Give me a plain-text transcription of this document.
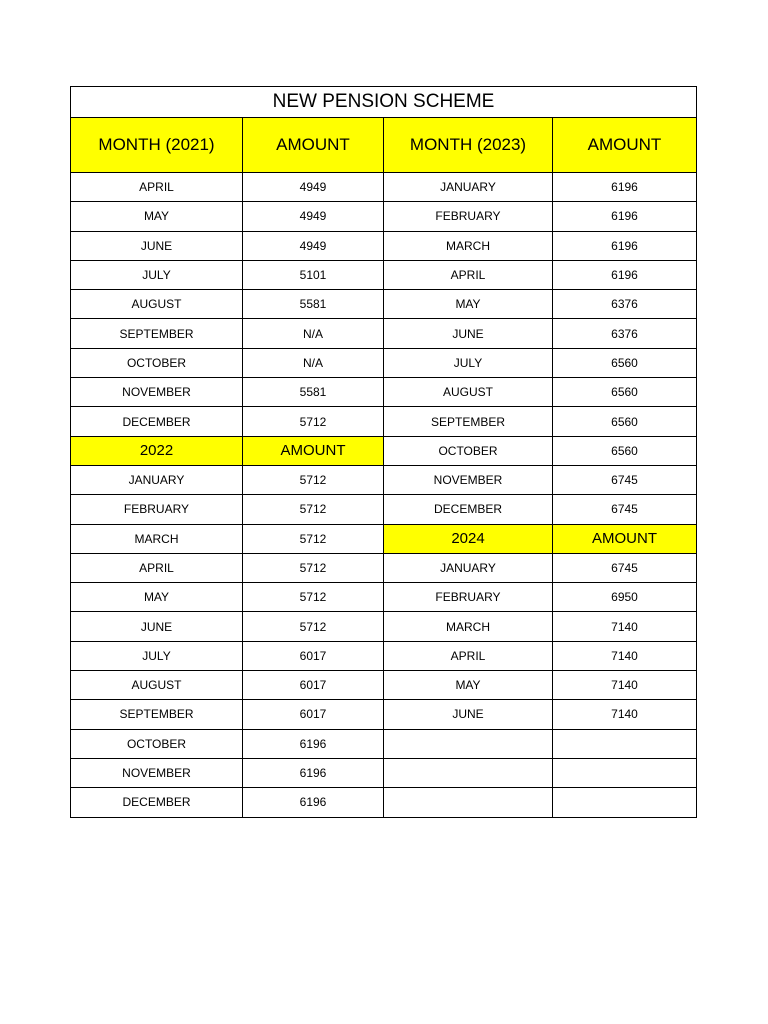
NEW PENSION SCHEME			
MONTH (2021)	AMOUNT	MONTH (2023)	AMOUNT
APRIL	4949	JANUARY	6196
MAY	4949	FEBRUARY	6196
JUNE	4949	MARCH	6196
JULY	5101	APRIL	6196
AUGUST	5581	MAY	6376
SEPTEMBER	N/A	JUNE	6376
OCTOBER	N/A	JULY	6560
NOVEMBER	5581	AUGUST	6560
DECEMBER	5712	SEPTEMBER	6560
2022	AMOUNT	OCTOBER	6560
JANUARY	5712	NOVEMBER	6745
FEBRUARY	5712	DECEMBER	6745
MARCH	5712	2024	AMOUNT
APRIL	5712	JANUARY	6745
MAY	5712	FEBRUARY	6950
JUNE	5712	MARCH	7140
JULY	6017	APRIL	7140
AUGUST	6017	MAY	7140
SEPTEMBER	6017	JUNE	7140
OCTOBER	6196		
NOVEMBER	6196		
DECEMBER	6196		
